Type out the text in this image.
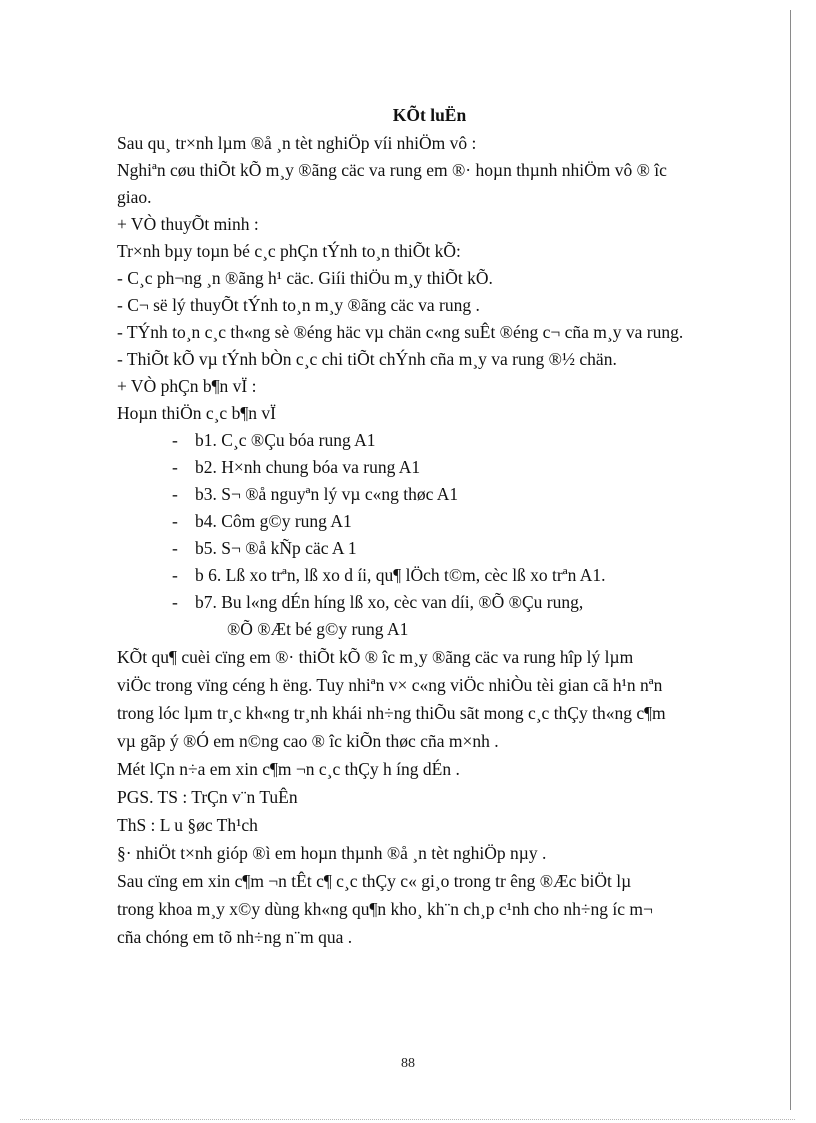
KÕt luËn
Sau qu¸ tr×nh lµm ®å ¸n tèt nghiÖp víi nhiÖm vô :
Nghiªn cøu thiÕt kÕ m¸y ®ãng cäc va rung em ®· hoµn thµnh nhiÖm vô ® îc
giao.
+ VÒ thuyÕt minh :
Tr×nh bµy toµn bé c¸c phÇn tÝnh to¸n thiÕt kÕ:
- C¸c ph¬ng ¸n ®ãng h¹ cäc. Giíi thiÖu m¸y thiÕt kÕ.
- C¬ së lý thuyÕt tÝnh to¸n m¸y ®ãng cäc va rung .
- TÝnh to¸n c¸c th«ng sè ®éng häc vµ chän c«ng suÊt ®éng c¬ cña m¸y va rung.
- ThiÕt kÕ vµ tÝnh bÒn c¸c chi tiÕt chÝnh cña m¸y va rung ®½ chän.
+ VÒ phÇn b¶n vÏ :
Hoµn thiÖn c¸c b¶n vÏ
- b1. C¸c ®Çu bóa rung A1
- b2. H×nh chung bóa va rung A1
- b3. S¬ ®å nguyªn lý vµ c«ng thøc A1
- b4. Côm g©y rung A1
- b5. S¬ ®å kÑp cäc A 1
- b 6. Lß xo trªn, lß xo d íi, qu¶ lÖch t©m, cèc lß xo trªn A1.
- b7. Bu l«ng dÉn híng lß xo, cèc van díi, ®Õ ®Çu rung,
®Õ ®Æt bé g©y rung A1
KÕt qu¶ cuèi cïng em ®· thiÕt kÕ ® îc m¸y ®ãng cäc va rung hîp lý lµm
viÖc trong vïng céng h ëng. Tuy nhiªn v× c«ng viÖc nhiÒu tèi gian cã h¹n nªn
trong lóc lµm tr¸c kh«ng tr¸nh khái nh÷ng thiÕu sãt mong c¸c thÇy th«ng c¶m
vµ gãp ý ®Ó em n©ng cao ® îc kiÕn thøc cña m×nh .
Mét lÇn n÷a em xin c¶m ¬n c¸c thÇy h íng dÉn .
PGS. TS : TrÇn v¨n TuÊn
ThS : L u §øc Th¹ch
§· nhiÖt t×nh gióp ®ì em hoµn thµnh ®å ¸n tèt nghiÖp nµy .
Sau cïng em xin c¶m ¬n tÊt c¶ c¸c thÇy c« gi¸o trong tr êng ®Æc biÖt lµ
trong khoa m¸y x©y dùng kh«ng qu¶n kho¸ kh¨n ch¸p c¹nh cho nh÷ng íc m¬
cña chóng em tõ nh÷ng n¨m qua .
88
